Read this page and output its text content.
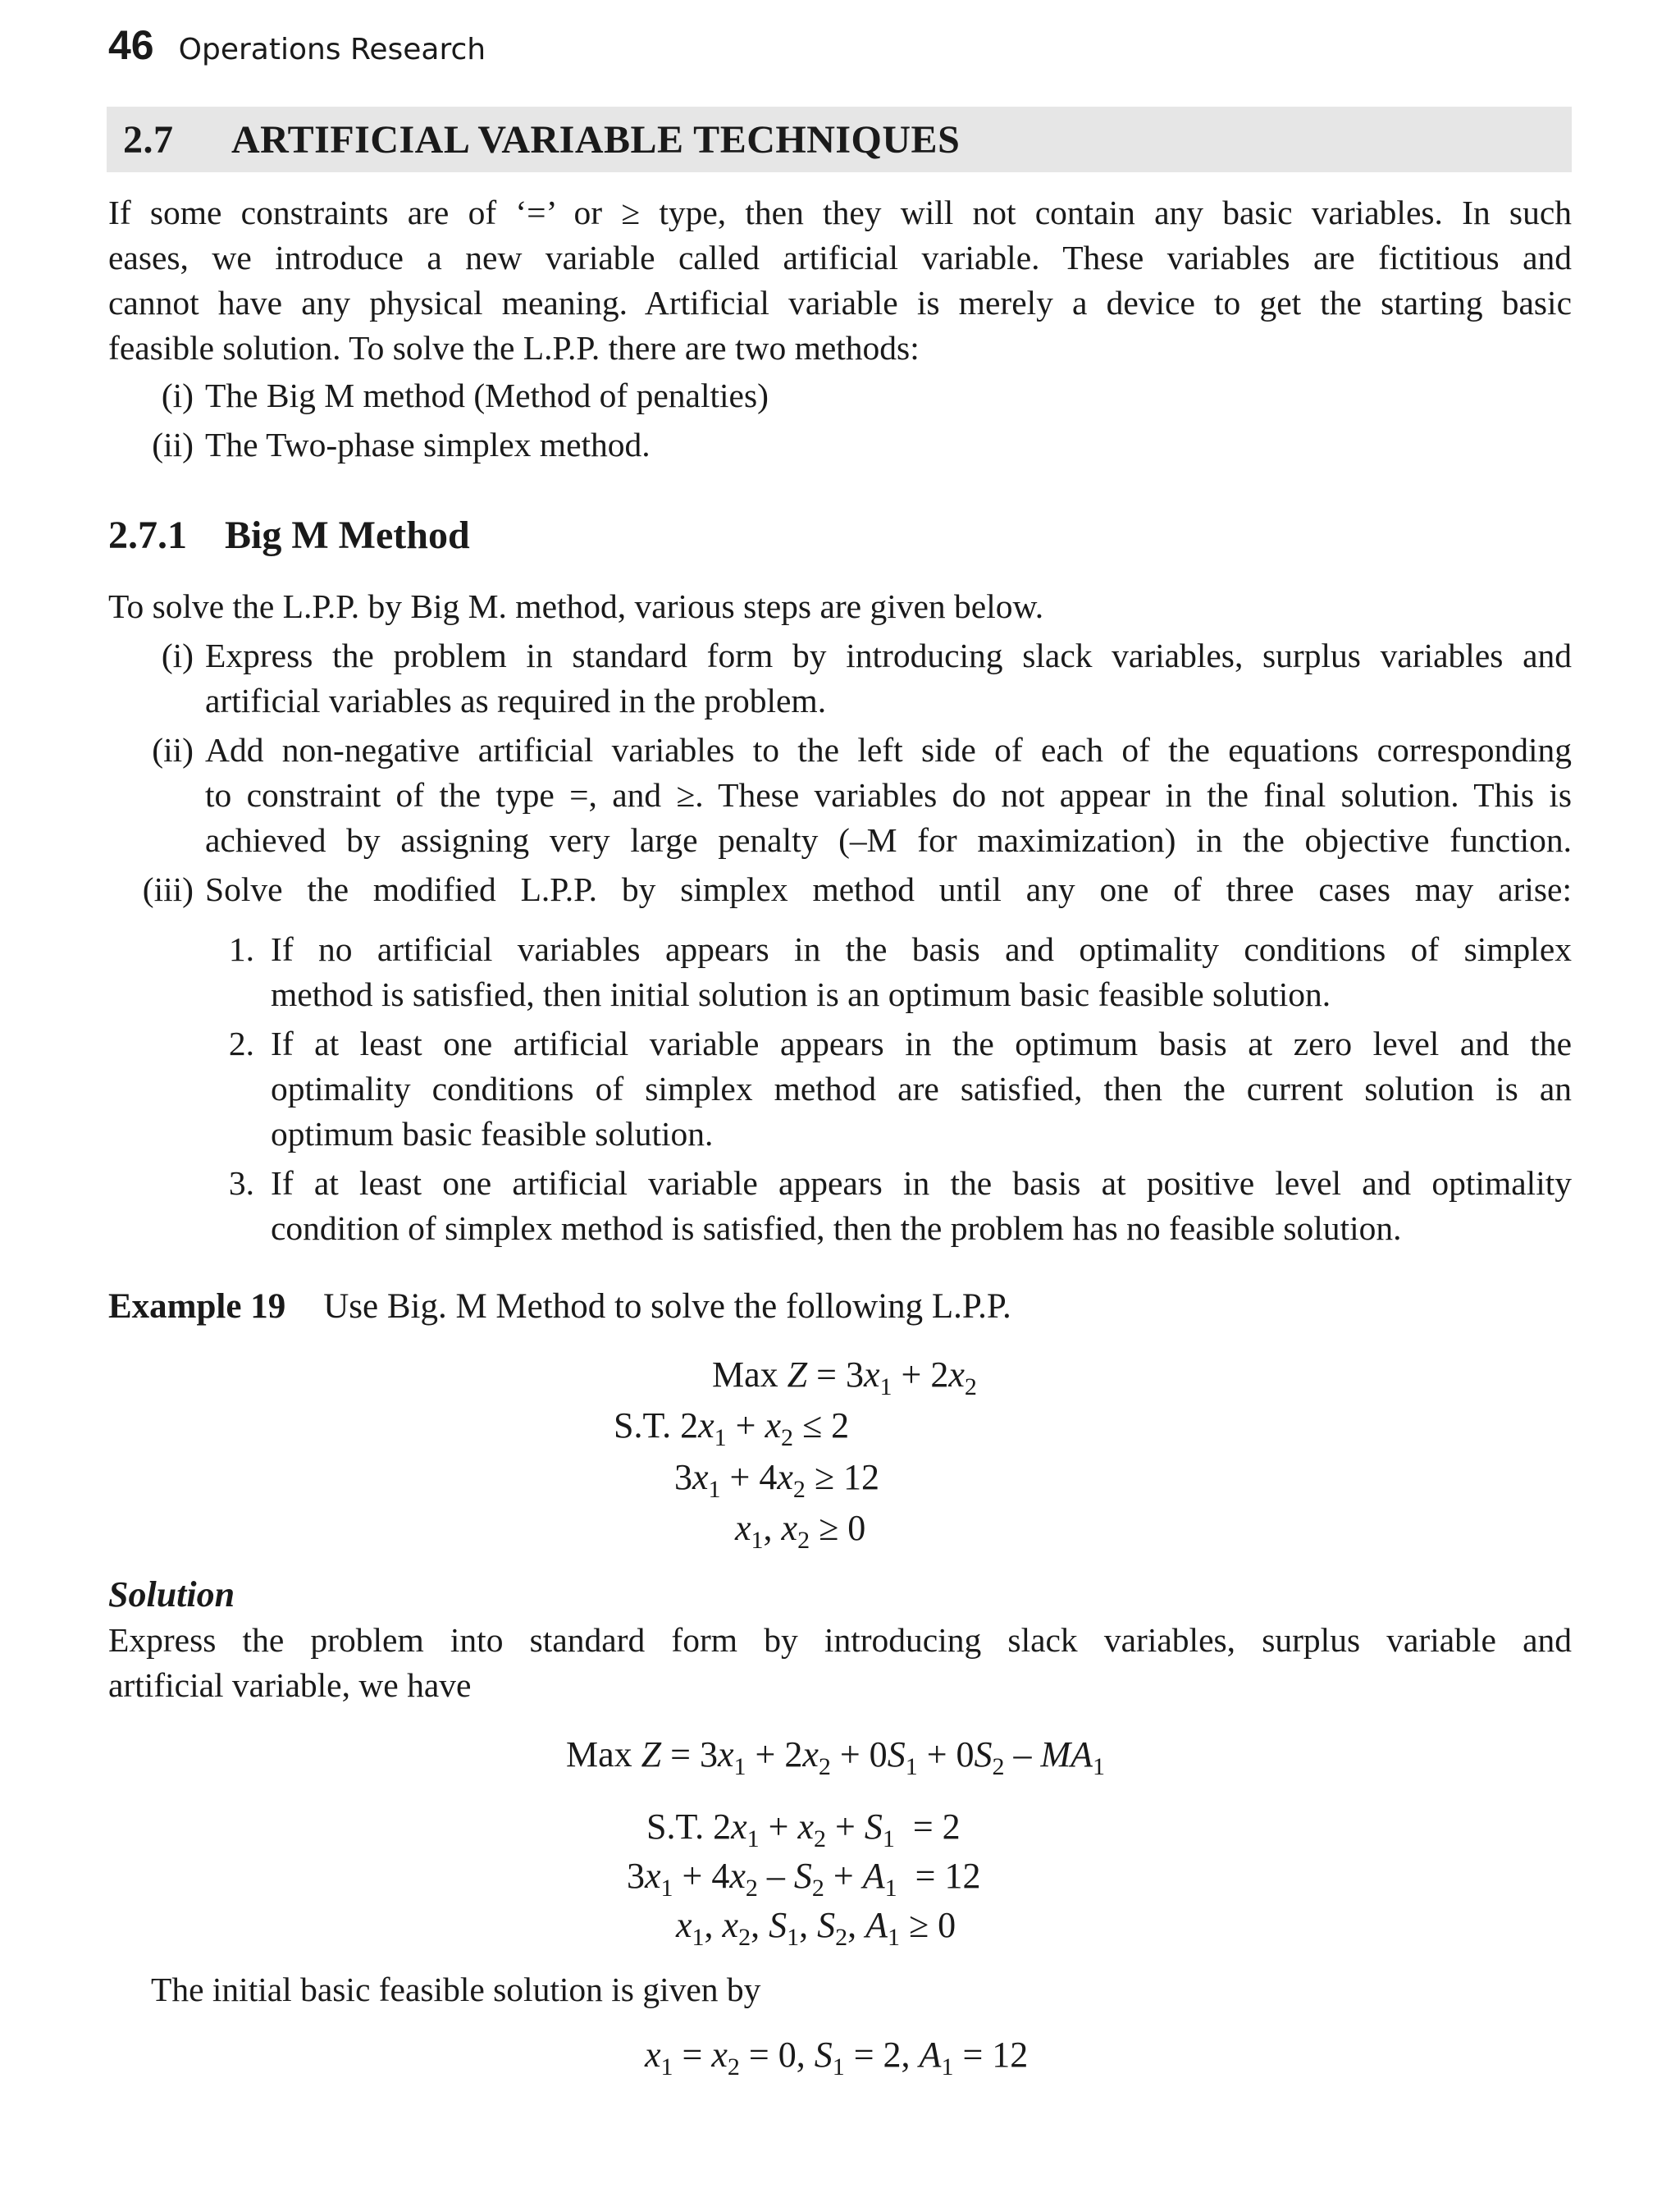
46 Operations Research
2.7	ARTIFICIAL VARIABLE TECHNIQUES
If some constraints are of ‘=’ or ≥ type, then they will not contain any basic variables. In such
eases, we introduce a new variable called artificial variable. These variables are fictitious and
cannot have any physical meaning. Artificial variable is merely a device to get the starting basic
feasible solution. To solve the L.P.P. there are two methods:
(i) The Big M method (Method of penalties)
(ii) The Two-phase simplex method.
2.7.1 Big M Method
To solve the L.P.P. by Big M. method, various steps are given below.
(i) Express the problem in standard form by introducing slack variables, surplus variables and
artificial variables as required in the problem.
(ii) Add non-negative artificial variables to the left side of each of the equations corresponding
to constraint of the type =, and ≥. These variables do not appear in the final solution. This is
achieved by assigning very large penalty (–M for maximization) in the objective function.
(iii) Solve the modified L.P.P. by simplex method until any one of three cases may arise:
1. If no artificial variables appears in the basis and optimality conditions of simplex
method is satisfied, then initial solution is an optimum basic feasible solution.
2. If at least one artificial variable appears in the optimum basis at zero level and the
optimality conditions of simplex method are satisfied, then the current solution is an
optimum basic feasible solution.
3. If at least one artificial variable appears in the basis at positive level and optimality
condition of simplex method is satisfied, then the problem has no feasible solution.
Example 19 Use Big. M Method to solve the following L.P.P.
Max $Z = 3x_1 + 2x_2$
S.T. $2x_1 + x_2 \le 2$
$3x_1 + 4x_2 \ge 12$
$x_1$, $x_2 \ge 0$
Solution
Express the problem into standard form by introducing slack variables, surplus variable and
artificial variable, we have
Max $Z = 3x_1 + 2x_2 + 0S_1 + 0S_2 - MA_1$
S.T. $2x_1 + x_2 + S_1 = 2$
$3x_1 + 4x_2 - S_2 + A_1 = 12$
$x_1$, $x_2$, $S_1$, $S_2$, $A_1 \ge 0$
The initial basic feasible solution is given by
$x_1 = x_2 = 0$, $S_1 = 2$, $A_1 = 12$
